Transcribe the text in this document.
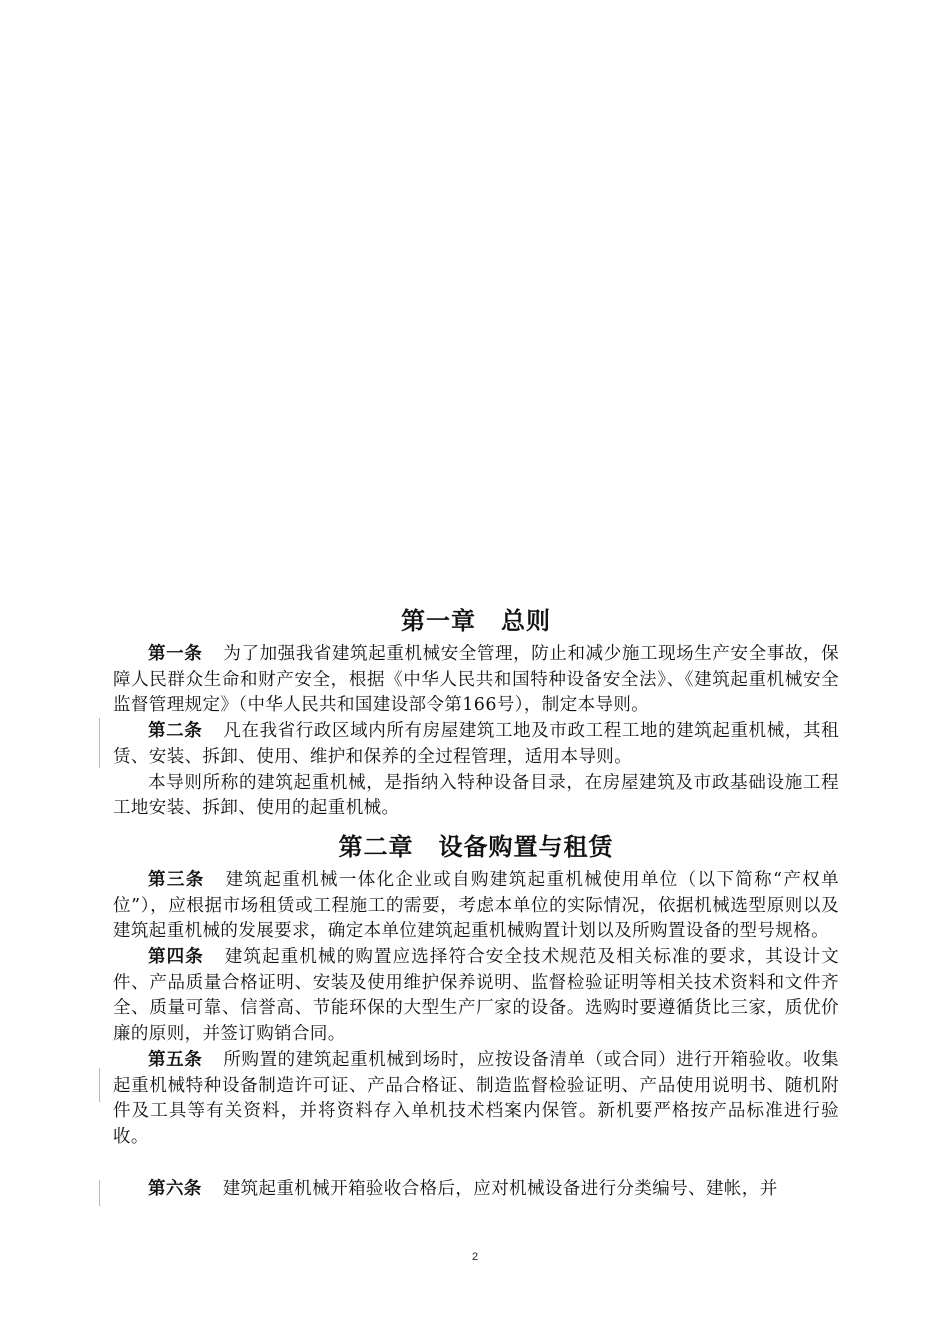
第一章　总则

第一条 为了加强我省建筑起重机械安全管理，防止和减少施工现场生产安全事故，保障人民群众生命和财产安全，根据《中华人民共和国特种设备安全法》、《建筑起重机械安全监督管理规定》（中华人民共和国建设部令第166号），制定本导则。

第二条 凡在我省行政区域内所有房屋建筑工地及市政工程工地的建筑起重机械，其租赁、安装、拆卸、使用、维护和保养的全过程管理，适用本导则。

本导则所称的建筑起重机械，是指纳入特种设备目录，在房屋建筑及市政基础设施工程工地安装、拆卸、使用的起重机械。

第二章　设备购置与租赁

第三条 建筑起重机械一体化企业或自购建筑起重机械使用单位（以下简称“产权单位”），应根据市场租赁或工程施工的需要，考虑本单位的实际情况，依据机械选型原则以及建筑起重机械的发展要求，确定本单位建筑起重机械购置计划以及所购置设备的型号规格。

第四条 建筑起重机械的购置应选择符合安全技术规范及相关标准的要求，其设计文件、产品质量合格证明、安装及使用维护保养说明、监督检验证明等相关技术资料和文件齐全、质量可靠、信誉高、节能环保的大型生产厂家的设备。选购时要遵循货比三家，质优价廉的原则，并签订购销合同。

第五条 所购置的建筑起重机械到场时，应按设备清单（或合同）进行开箱验收。收集起重机械特种设备制造许可证、产品合格证、制造监督检验证明、产品使用说明书、随机附件及工具等有关资料，并将资料存入单机技术档案内保管。新机要严格按产品标准进行验收。

第六条 建筑起重机械开箱验收合格后，应对机械设备进行分类编号、建帐，并

2
